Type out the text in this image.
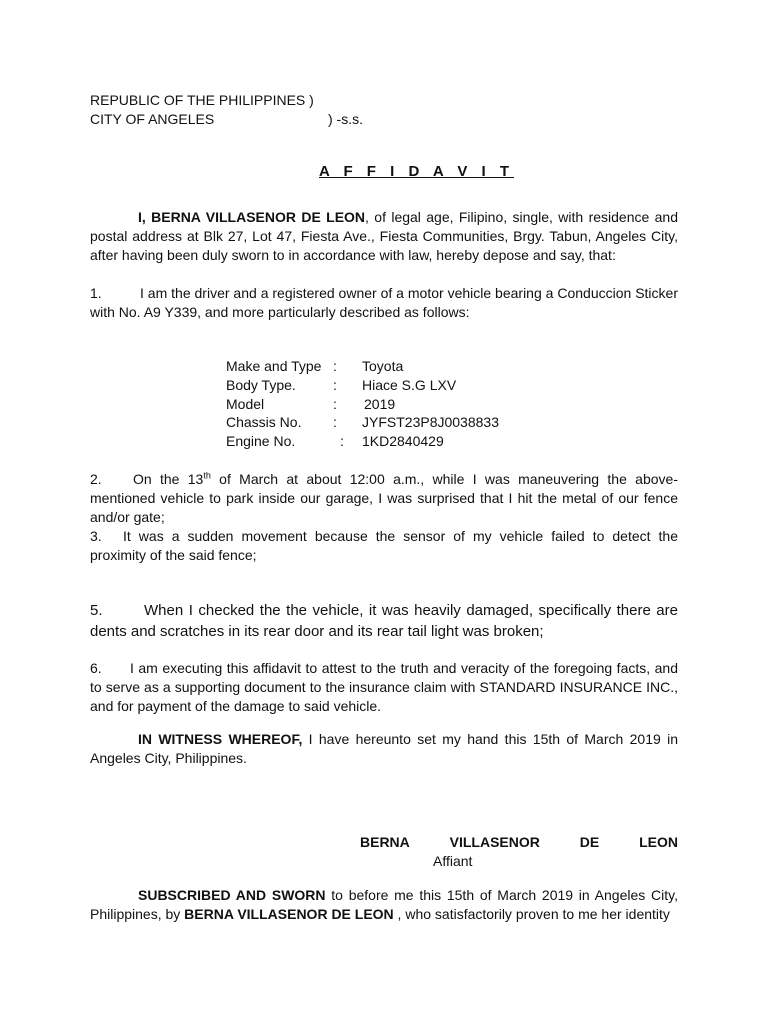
REPUBLIC OF THE PHILIPPINES )
CITY OF ANGELES	) -s.s.
A F F I D A V I T
I, BERNA VILLASENOR DE LEON, of legal age, Filipino, single, with residence and postal address at Blk 27, Lot 47, Fiesta Ave., Fiesta Communities, Brgy. Tabun, Angeles City, after having been duly sworn to in accordance with law, hereby depose and say, that:
1.	I am the driver and a registered owner of a motor vehicle bearing a Conduccion Sticker with No. A9 Y339, and more particularly described as follows:
Make and Type : Toyota
Body Type.	: Hiace S.G LXV
Model	: 2019
Chassis No. : JYFST23P8J0038833
Engine No.	: 1KD2840429
2. On the 13th of March at about 12:00 a.m., while I was maneuvering the above-mentioned vehicle to park inside our garage, I was surprised that I hit the metal of our fence and/or gate;
3. It was a sudden movement because the sensor of my vehicle failed to detect the proximity of the said fence;
5.	When I checked the the vehicle, it was heavily damaged, specifically there are dents and scratches in its rear door and its rear tail light was broken;
6. I am executing this affidavit to attest to the truth and veracity of the foregoing facts, and to serve as a supporting document to the insurance claim with STANDARD INSURANCE INC., and for payment of the damage to said vehicle.
IN WITNESS WHEREOF, I have hereunto set my hand this 15th of March 2019 in Angeles City, Philippines.
BERNA	VILLASENOR	DE	LEON
Affiant
SUBSCRIBED AND SWORN to before me this 15th of March 2019 in Angeles City, Philippines, by BERNA VILLASENOR DE LEON , who satisfactorily proven to me her identity
